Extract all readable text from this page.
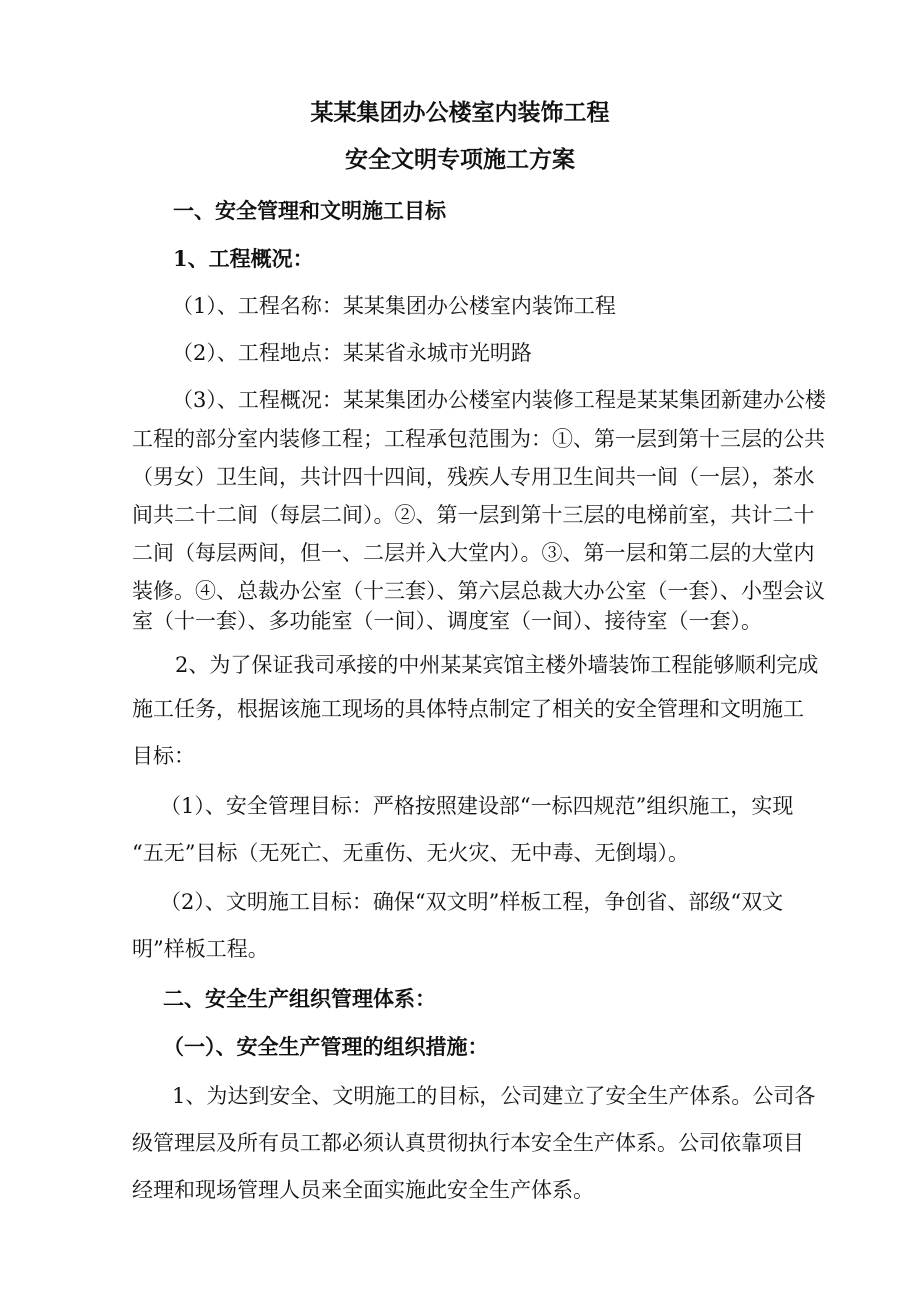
某某集团办公楼室内装饰工程
安全文明专项施工方案
一、安全管理和文明施工目标
1、工程概况：
（1）、工程名称：某某集团办公楼室内装饰工程
（2）、工程地点：某某省永城市光明路
（3）、工程概况：某某集团办公楼室内装修工程是某某集团新建办公楼
工程的部分室内装修工程；工程承包范围为：①、第一层到第十三层的公共
（男女）卫生间，共计四十四间，残疾人专用卫生间共一间（一层），茶水
间共二十二间（每层二间）。②、第一层到第十三层的电梯前室，共计二十
二间（每层两间，但一、二层并入大堂内）。③、第一层和第二层的大堂内
装修。④、总裁办公室（十三套）、第六层总裁大办公室（一套）、小型会议
室（十一套）、多功能室（一间）、调度室（一间）、接待室（一套）。
2、为了保证我司承接的中州某某宾馆主楼外墙装饰工程能够顺利完成
施工任务，根据该施工现场的具体特点制定了相关的安全管理和文明施工
目标：
（1）、安全管理目标：严格按照建设部“一标四规范”组织施工，实现
“五无”目标（无死亡、无重伤、无火灾、无中毒、无倒塌）。
（2）、文明施工目标：确保“双文明”样板工程，争创省、部级“双文
明”样板工程。
二、安全生产组织管理体系：
（一）、安全生产管理的组织措施：
1、为达到安全、文明施工的目标，公司建立了安全生产体系。公司各
级管理层及所有员工都必须认真贯彻执行本安全生产体系。公司依靠项目
经理和现场管理人员来全面实施此安全生产体系。
